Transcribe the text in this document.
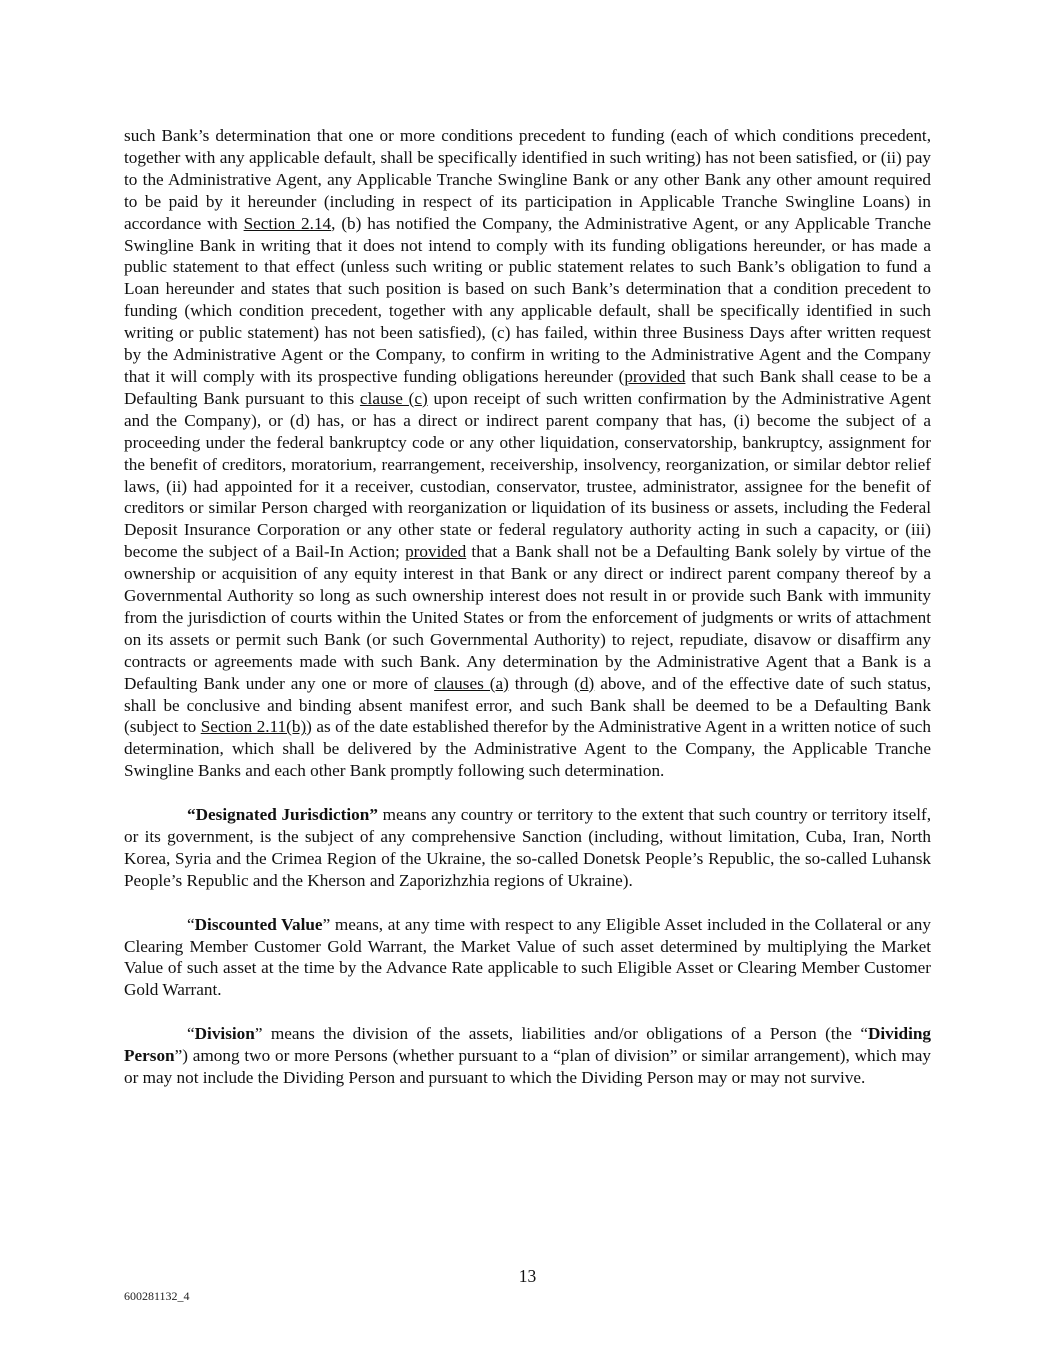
such Bank’s determination that one or more conditions precedent to funding (each of which conditions precedent, together with any applicable default, shall be specifically identified in such writing) has not been satisfied, or (ii) pay to the Administrative Agent, any Applicable Tranche Swingline Bank or any other Bank any other amount required to be paid by it hereunder (including in respect of its participation in Applicable Tranche Swingline Loans) in accordance with Section 2.14, (b) has notified the Company, the Administrative Agent, or any Applicable Tranche Swingline Bank in writing that it does not intend to comply with its funding obligations hereunder, or has made a public statement to that effect (unless such writing or public statement relates to such Bank’s obligation to fund a Loan hereunder and states that such position is based on such Bank’s determination that a condition precedent to funding (which condition precedent, together with any applicable default, shall be specifically identified in such writing or public statement) has not been satisfied), (c) has failed, within three Business Days after written request by the Administrative Agent or the Company, to confirm in writing to the Administrative Agent and the Company that it will comply with its prospective funding obligations hereunder (provided that such Bank shall cease to be a Defaulting Bank pursuant to this clause (c) upon receipt of such written confirmation by the Administrative Agent and the Company), or (d) has, or has a direct or indirect parent company that has, (i) become the subject of a proceeding under the federal bankruptcy code or any other liquidation, conservatorship, bankruptcy, assignment for the benefit of creditors, moratorium, rearrangement, receivership, insolvency, reorganization, or similar debtor relief laws, (ii) had appointed for it a receiver, custodian, conservator, trustee, administrator, assignee for the benefit of creditors or similar Person charged with reorganization or liquidation of its business or assets, including the Federal Deposit Insurance Corporation or any other state or federal regulatory authority acting in such a capacity, or (iii) become the subject of a Bail-In Action; provided that a Bank shall not be a Defaulting Bank solely by virtue of the ownership or acquisition of any equity interest in that Bank or any direct or indirect parent company thereof by a Governmental Authority so long as such ownership interest does not result in or provide such Bank with immunity from the jurisdiction of courts within the United States or from the enforcement of judgments or writs of attachment on its assets or permit such Bank (or such Governmental Authority) to reject, repudiate, disavow or disaffirm any contracts or agreements made with such Bank. Any determination by the Administrative Agent that a Bank is a Defaulting Bank under any one or more of clauses (a) through (d) above, and of the effective date of such status, shall be conclusive and binding absent manifest error, and such Bank shall be deemed to be a Defaulting Bank (subject to Section 2.11(b)) as of the date established therefor by the Administrative Agent in a written notice of such determination, which shall be delivered by the Administrative Agent to the Company, the Applicable Tranche Swingline Banks and each other Bank promptly following such determination.

“Designated Jurisdiction” means any country or territory to the extent that such country or territory itself, or its government, is the subject of any comprehensive Sanction (including, without limitation, Cuba, Iran, North Korea, Syria and the Crimea Region of the Ukraine, the so-called Donetsk People’s Republic, the so-called Luhansk People’s Republic and the Kherson and Zaporizhzhia regions of Ukraine).

“Discounted Value” means, at any time with respect to any Eligible Asset included in the Collateral or any Clearing Member Customer Gold Warrant, the Market Value of such asset determined by multiplying the Market Value of such asset at the time by the Advance Rate applicable to such Eligible Asset or Clearing Member Customer Gold Warrant.

“Division” means the division of the assets, liabilities and/or obligations of a Person (the “Dividing Person”) among two or more Persons (whether pursuant to a “plan of division” or similar arrangement), which may or may not include the Dividing Person and pursuant to which the Dividing Person may or may not survive.

13
600281132_4
